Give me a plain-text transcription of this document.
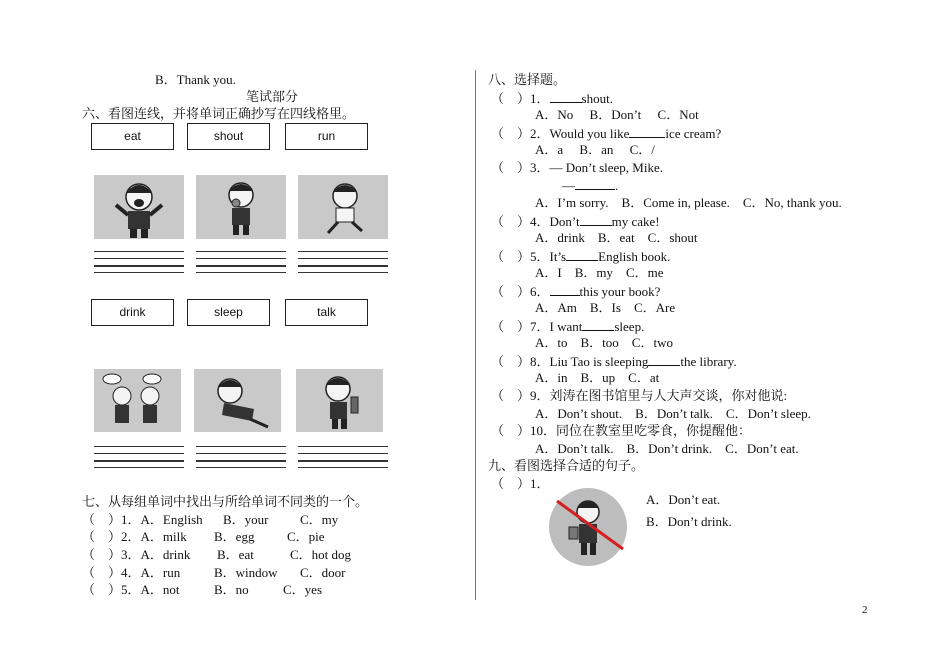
B．Thank you.
笔试部分
六、看图连线，并将单词正确抄写在四线格里。
eat	shout	run
drink	sleep	talk
七、从每组单词中找出与所给单词不同类的一个。
（　）1．A．English B．your C．my
（　）2．A．milk B．egg	C．pie
（　）3．A．drink B．eat	C．hot dog
（　）4．A．run	B．window C．door
（　）5．A．not	B．no	C．yes
八、选择题。
（　）1． shout.
A．No　 B．Don’t　 C．Not
（　）2．Would you like	ice cream?
A．a　 B．an　 C．/
（　）3．— Don’t sleep, Mike.
—	.
A．I’m sorry.　B．Come in, please.　C．No, thank you.
（　）4．Don’t my cake!
A．drink　B．eat　C．shout
（　）5．It’s English book.
A．I　B．my　C．me
（　）6． this your book?
A．Am　B．Is　C．Are
（　）7．I want sleep.
A．to　B．too　C．two
（　）8．Liu Tao is sleeping the library.
A．in　B．up　C．at
（　）9．刘涛在图书馆里与人大声交谈，你对他说:
A．Don’t shout.　B．Don’t talk.　C．Don’t sleep.
（　）10．同位在教室里吃零食，你提醒他：
A．Don’t talk.　B．Don’t drink.　C．Don’t eat.
九、看图选择合适的句子。
（　）1．
A．Don’t eat.
B．Don’t drink.
2
